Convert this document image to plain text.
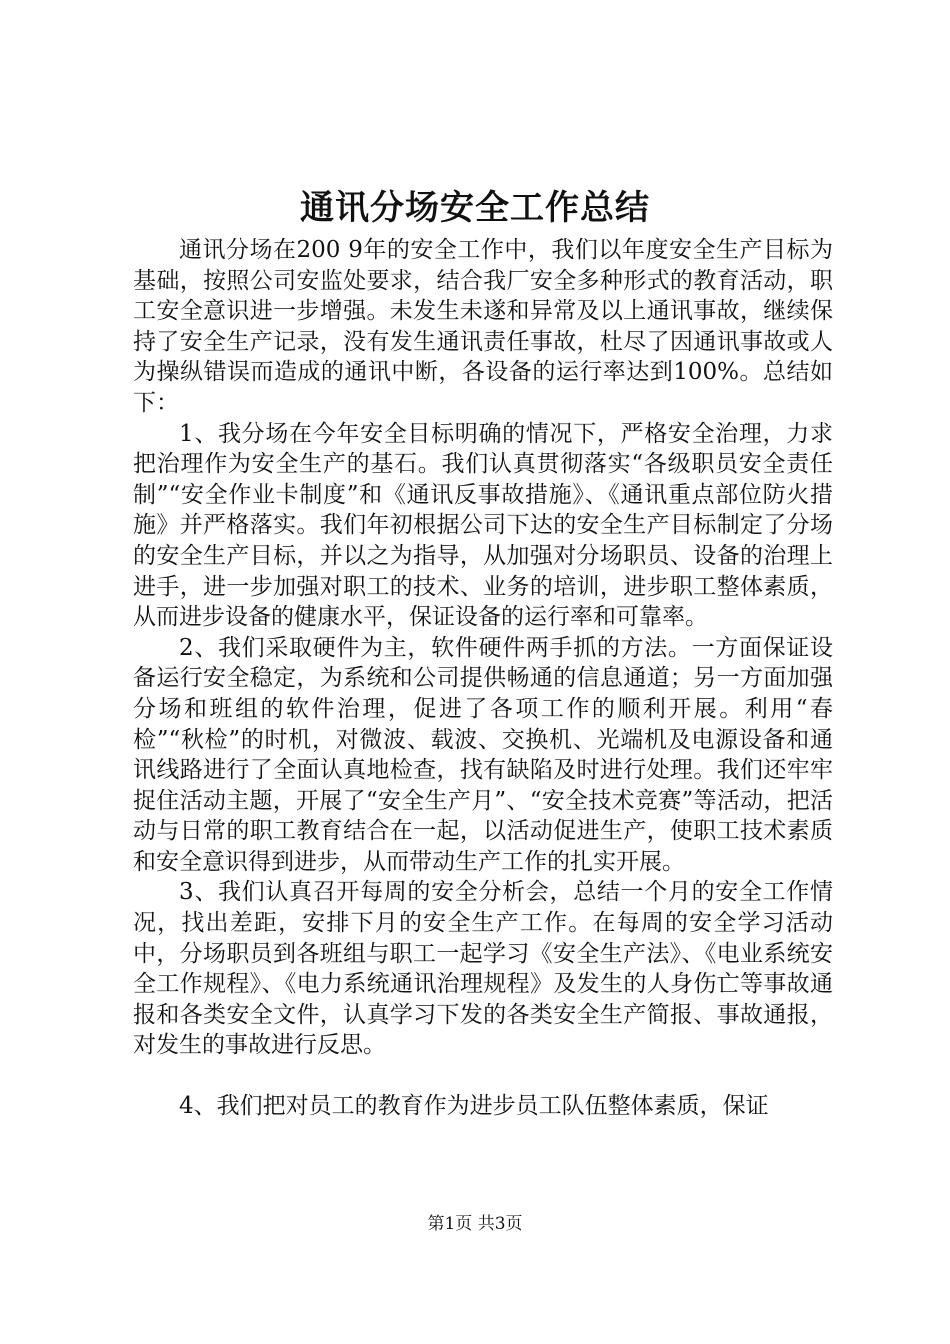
通讯分场安全工作总结

通讯分场在200 9年的安全工作中，我们以年度安全生产目标为基础，按照公司安监处要求，结合我厂安全多种形式的教育活动，职工安全意识进一步增强。未发生未遂和异常及以上通讯事故，继续保持了安全生产记录，没有发生通讯责任事故，杜尽了因通讯事故或人为操纵错误而造成的通讯中断，各设备的运行率达到100%。总结如下：

1、我分场在今年安全目标明确的情况下，严格安全治理，力求把治理作为安全生产的基石。我们认真贯彻落实“各级职员安全责任制”“安全作业卡制度”和《通讯反事故措施》、《通讯重点部位防火措施》并严格落实。我们年初根据公司下达的安全生产目标制定了分场的安全生产目标，并以之为指导，从加强对分场职员、设备的治理上进手，进一步加强对职工的技术、业务的培训，进步职工整体素质，从而进步设备的健康水平，保证设备的运行率和可靠率。

2、我们采取硬件为主，软件硬件两手抓的方法。一方面保证设备运行安全稳定，为系统和公司提供畅通的信息通道；另一方面加强分场和班组的软件治理，促进了各项工作的顺利开展。利用“春检”“秋检”的时机，对微波、载波、交换机、光端机及电源设备和通讯线路进行了全面认真地检查，找有缺陷及时进行处理。我们还牢牢捉住活动主题，开展了“安全生产月”、“安全技术竞赛”等活动，把活动与日常的职工教育结合在一起，以活动促进生产，使职工技术素质和安全意识得到进步，从而带动生产工作的扎实开展。

3、我们认真召开每周的安全分析会，总结一个月的安全工作情况，找出差距，安排下月的安全生产工作。在每周的安全学习活动中，分场职员到各班组与职工一起学习《安全生产法》、《电业系统安全工作规程》、《电力系统通讯治理规程》及发生的人身伤亡等事故通报和各类安全文件，认真学习下发的各类安全生产简报、事故通报，对发生的事故进行反思。

4、我们把对员工的教育作为进步员工队伍整体素质，保证

第1页 共3页
